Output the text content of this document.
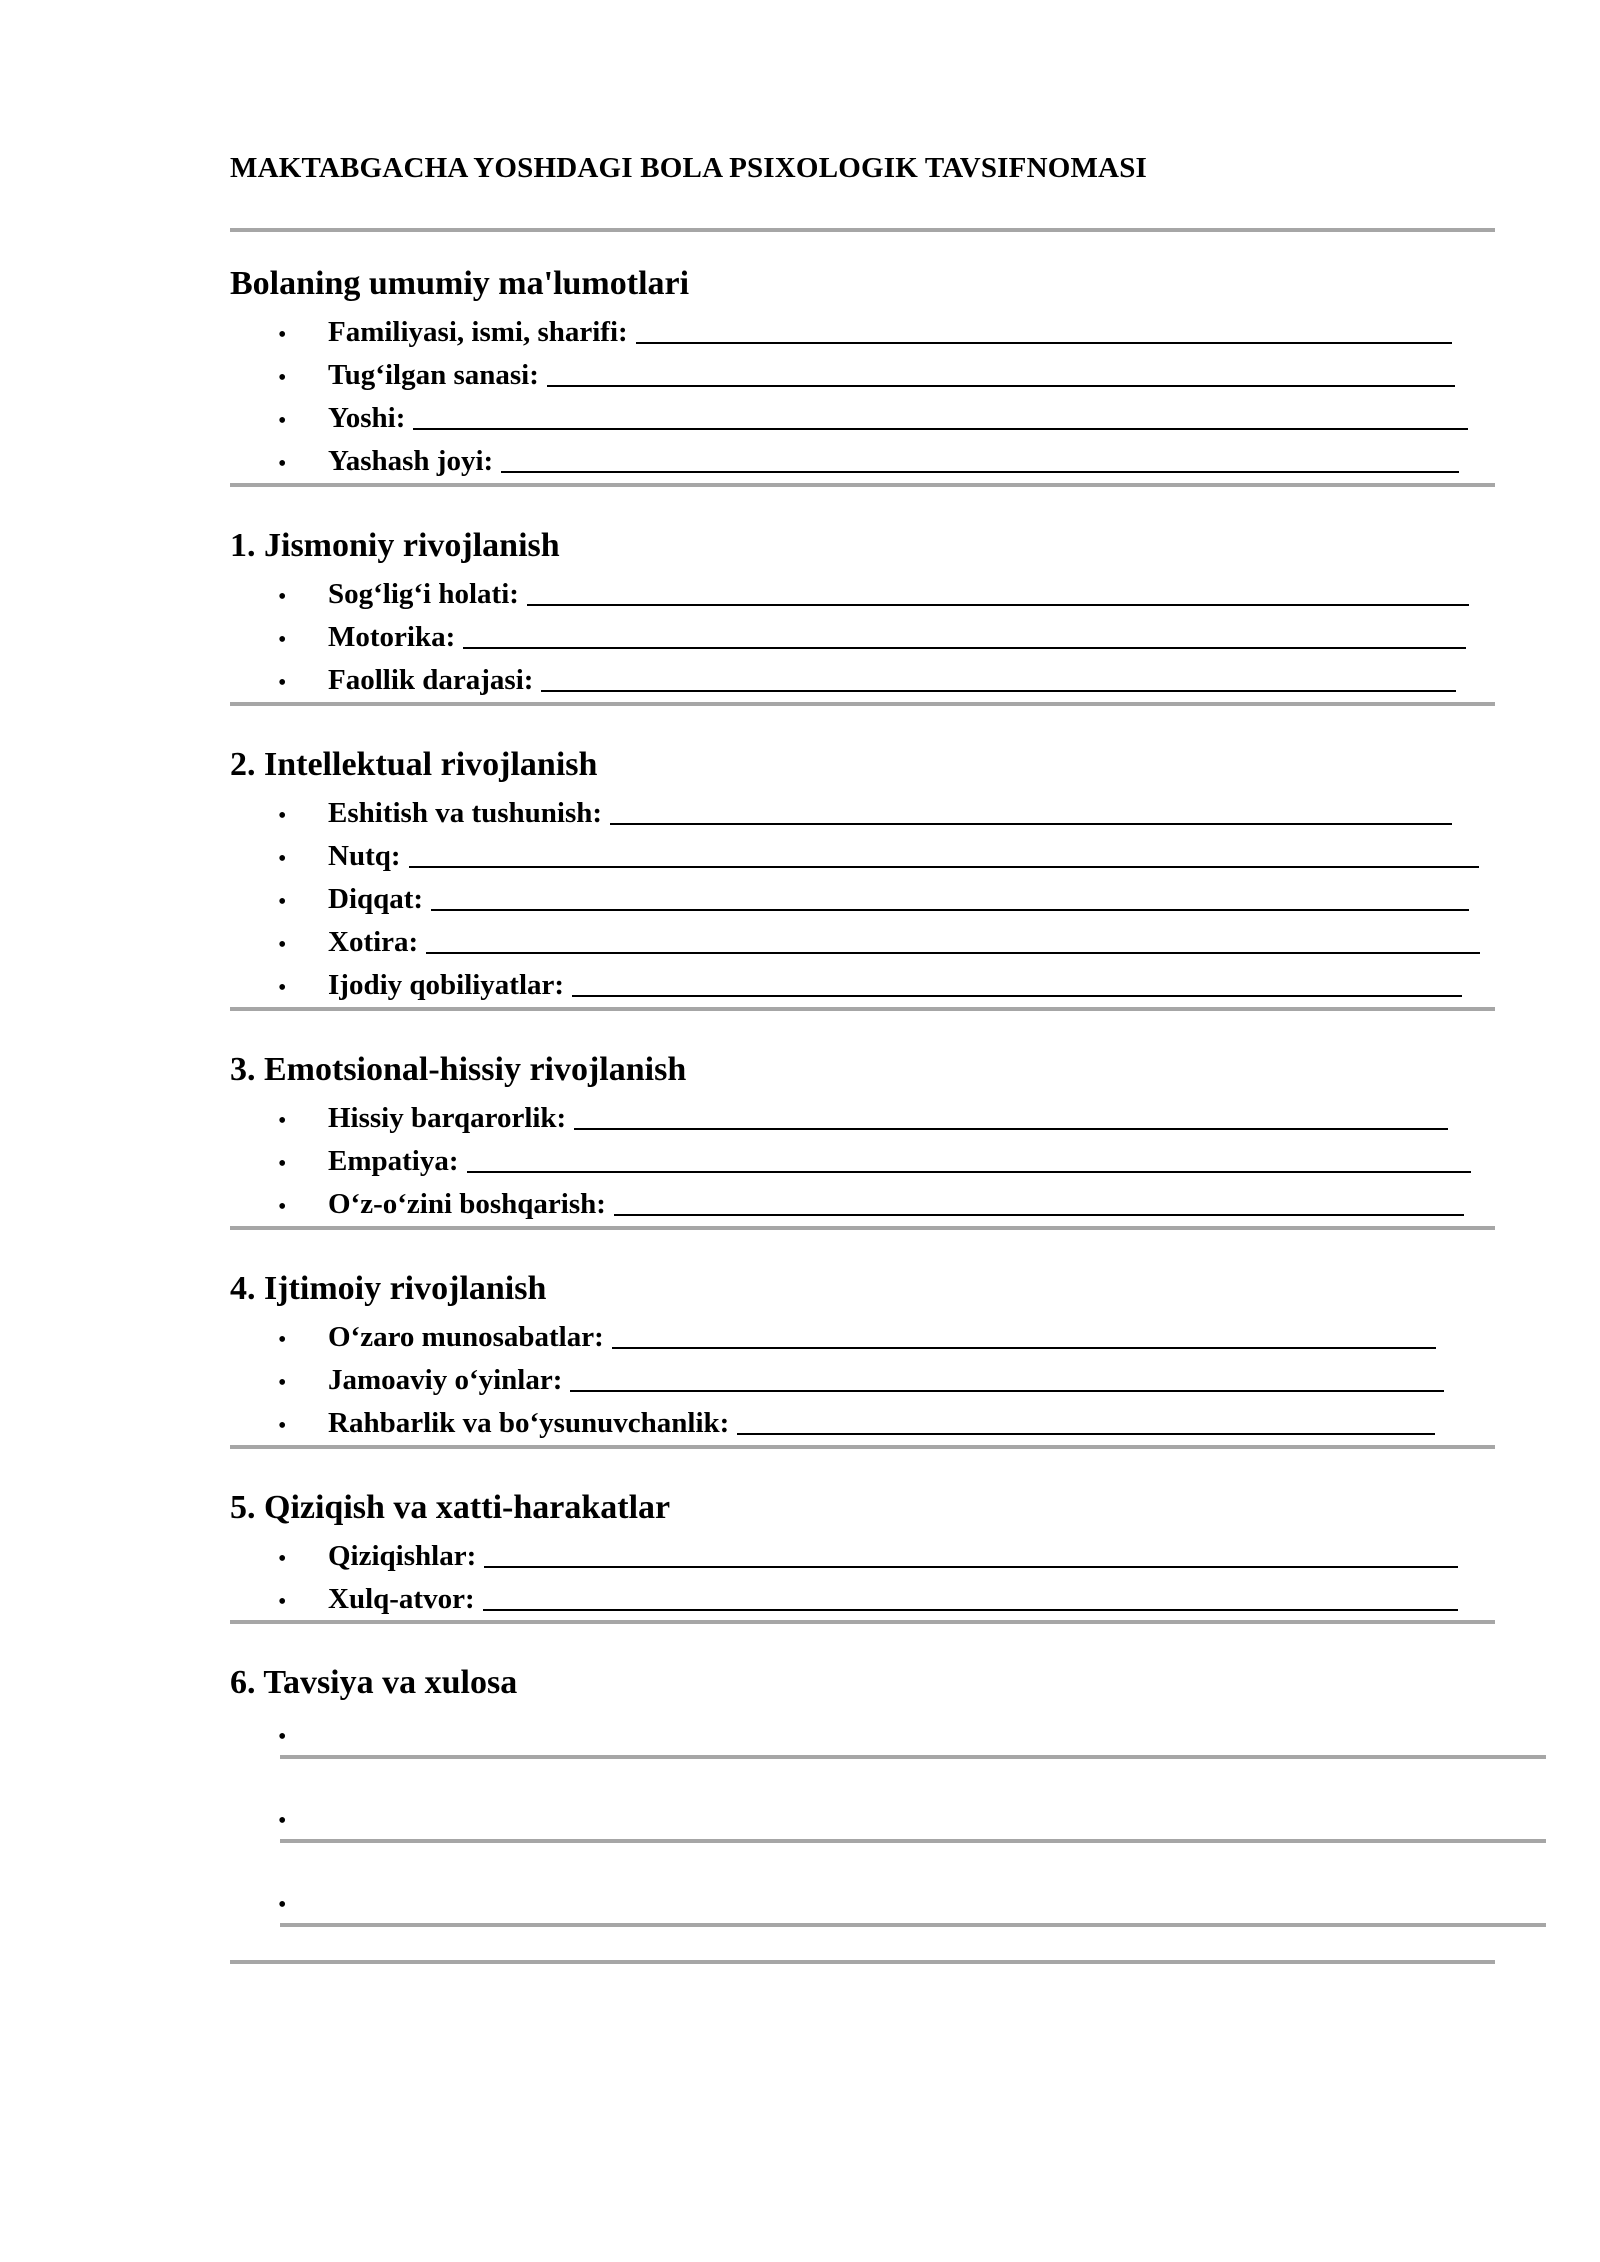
MAKTABGACHA YOSHDAGI BOLA PSIXOLOGIK TAVSIFNOMASI
Bolaning umumiy ma'lumotlari
• Familiyasi, ismi, sharifi:
• Tug‘ilgan sanasi:
• Yoshi:
• Yashash joyi:
1. Jismoniy rivojlanish
• Sog‘lig‘i holati:
• Motorika:
• Faollik darajasi:
2. Intellektual rivojlanish
• Eshitish va tushunish:
• Nutq:
• Diqqat:
• Xotira:
• Ijodiy qobiliyatlar:
3. Emotsional-hissiy rivojlanish
• Hissiy barqarorlik:
• Empatiya:
• O‘z-o‘zini boshqarish:
4. Ijtimoiy rivojlanish
• O‘zaro munosabatlar:
• Jamoaviy o‘yinlar:
• Rahbarlik va bo‘ysunuvchanlik:
5. Qiziqish va xatti-harakatlar
• Qiziqishlar:
• Xulq-atvor:
6. Tavsiya va xulosa
•
•
•
